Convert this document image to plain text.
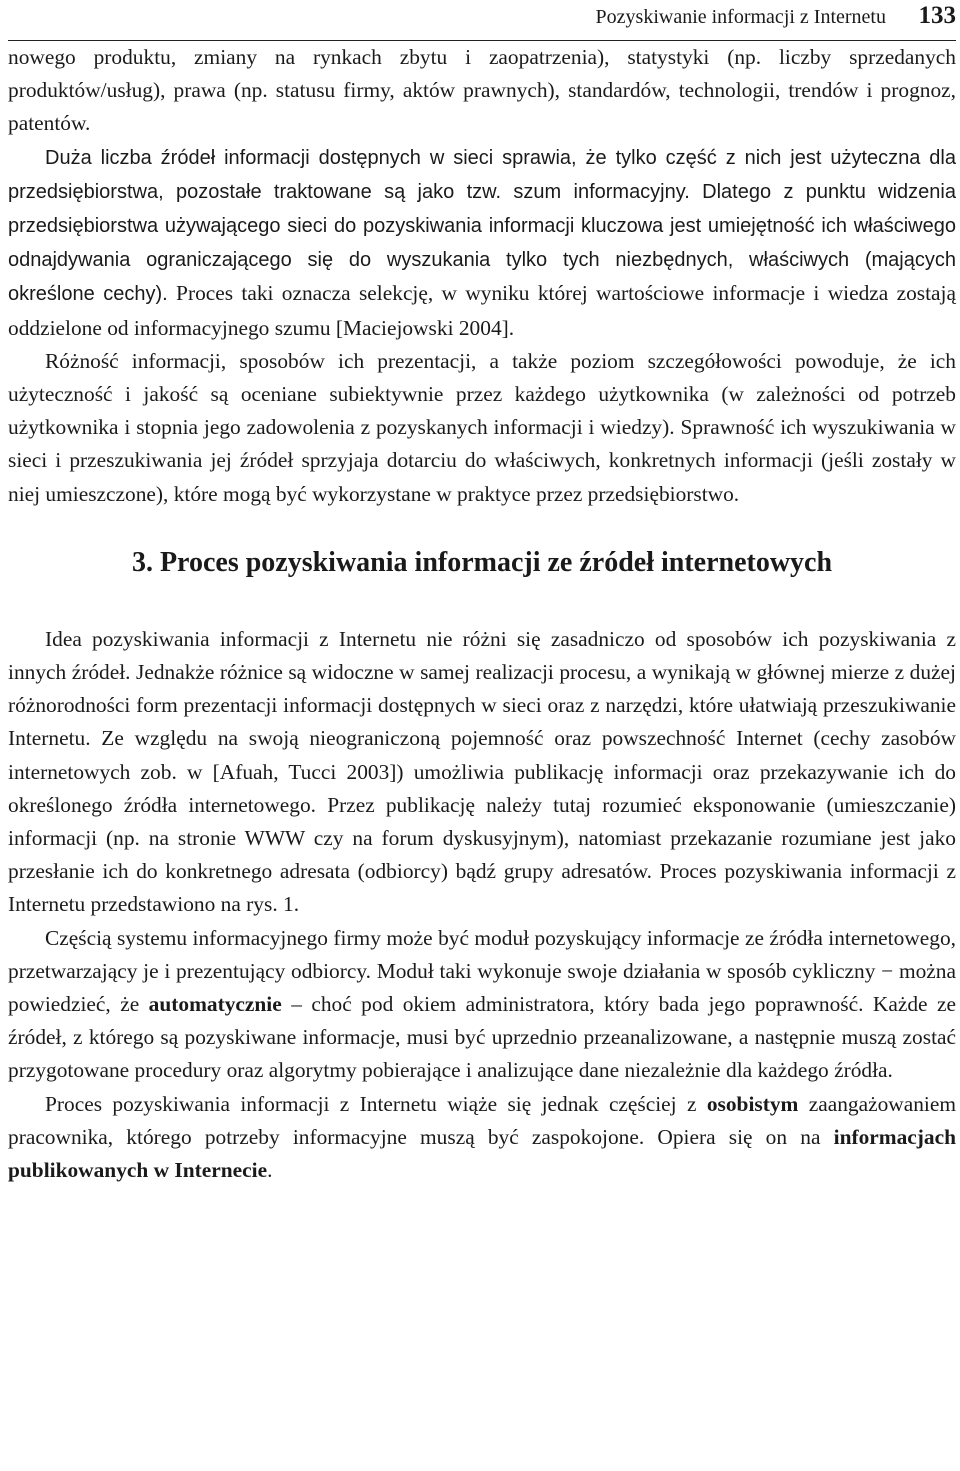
Pozyskiwanie informacji z Internetu 133

nowego produktu, zmiany na rynkach zbytu i zaopatrzenia), statystyki (np. liczby sprzedanych produktów/usług), prawa (np. statusu firmy, aktów prawnych), standardów, technologii, trendów i prognoz, patentów.

Duża liczba źródeł informacji dostępnych w sieci sprawia, że tylko część z nich jest użyteczna dla przedsiębiorstwa, pozostałe traktowane są jako tzw. szum informacyjny. Dlatego z punktu widzenia przedsiębiorstwa używającego sieci do pozyskiwania informacji kluczowa jest umiejętność ich właściwego odnajdywania ograniczającego się do wyszukania tylko tych niezbędnych, właściwych (mających określone cechy). Proces taki oznacza selekcję, w wyniku której wartościowe informacje i wiedza zostają oddzielone od informacyjnego szumu [Maciejowski 2004].

Różność informacji, sposobów ich prezentacji, a także poziom szczegółowości powoduje, że ich użyteczność i jakość są oceniane subiektywnie przez każdego użytkownika (w zależności od potrzeb użytkownika i stopnia jego zadowolenia z pozyskanych informacji i wiedzy). Sprawność ich wyszukiwania w sieci i przeszukiwania jej źródeł sprzyjaja dotarciu do właściwych, konkretnych informacji (jeśli zostały w niej umieszczone), które mogą być wykorzystane w praktyce przez przedsiębiorstwo.

3. Proces pozyskiwania informacji ze źródeł internetowych

Idea pozyskiwania informacji z Internetu nie różni się zasadniczo od sposobów ich pozyskiwania z innych źródeł. Jednakże różnice są widoczne w samej realizacji procesu, a wynikają w głównej mierze z dużej różnorodności form prezentacji informacji dostępnych w sieci oraz z narzędzi, które ułatwiają przeszukiwanie Internetu. Ze względu na swoją nieograniczoną pojemność oraz powszechność Internet (cechy zasobów internetowych zob. w [Afuah, Tucci 2003]) umożliwia publikację informacji oraz przekazywanie ich do określonego źródła internetowego. Przez publikację należy tutaj rozumieć eksponowanie (umieszczanie) informacji (np. na stronie WWW czy na forum dyskusyjnym), natomiast przekazanie rozumiane jest jako przesłanie ich do konkretnego adresata (odbiorcy) bądź grupy adresatów. Proces pozyskiwania informacji z Internetu przedstawiono na rys. 1.

Częścią systemu informacyjnego firmy może być moduł pozyskujący informacje ze źródła internetowego, przetwarzający je i prezentujący odbiorcy. Moduł taki wykonuje swoje działania w sposób cykliczny − można powiedzieć, że automatycznie – choć pod okiem administratora, który bada jego poprawność. Każde ze źródeł, z którego są pozyskiwane informacje, musi być uprzednio przeanalizowane, a następnie muszą zostać przygotowane procedury oraz algorytmy pobierające i analizujące dane niezależnie dla każdego źródła.

Proces pozyskiwania informacji z Internetu wiąże się jednak częściej z osobistym zaangażowaniem pracownika, którego potrzeby informacyjne muszą być zaspokojone. Opiera się on na informacjach publikowanych w Internecie.
